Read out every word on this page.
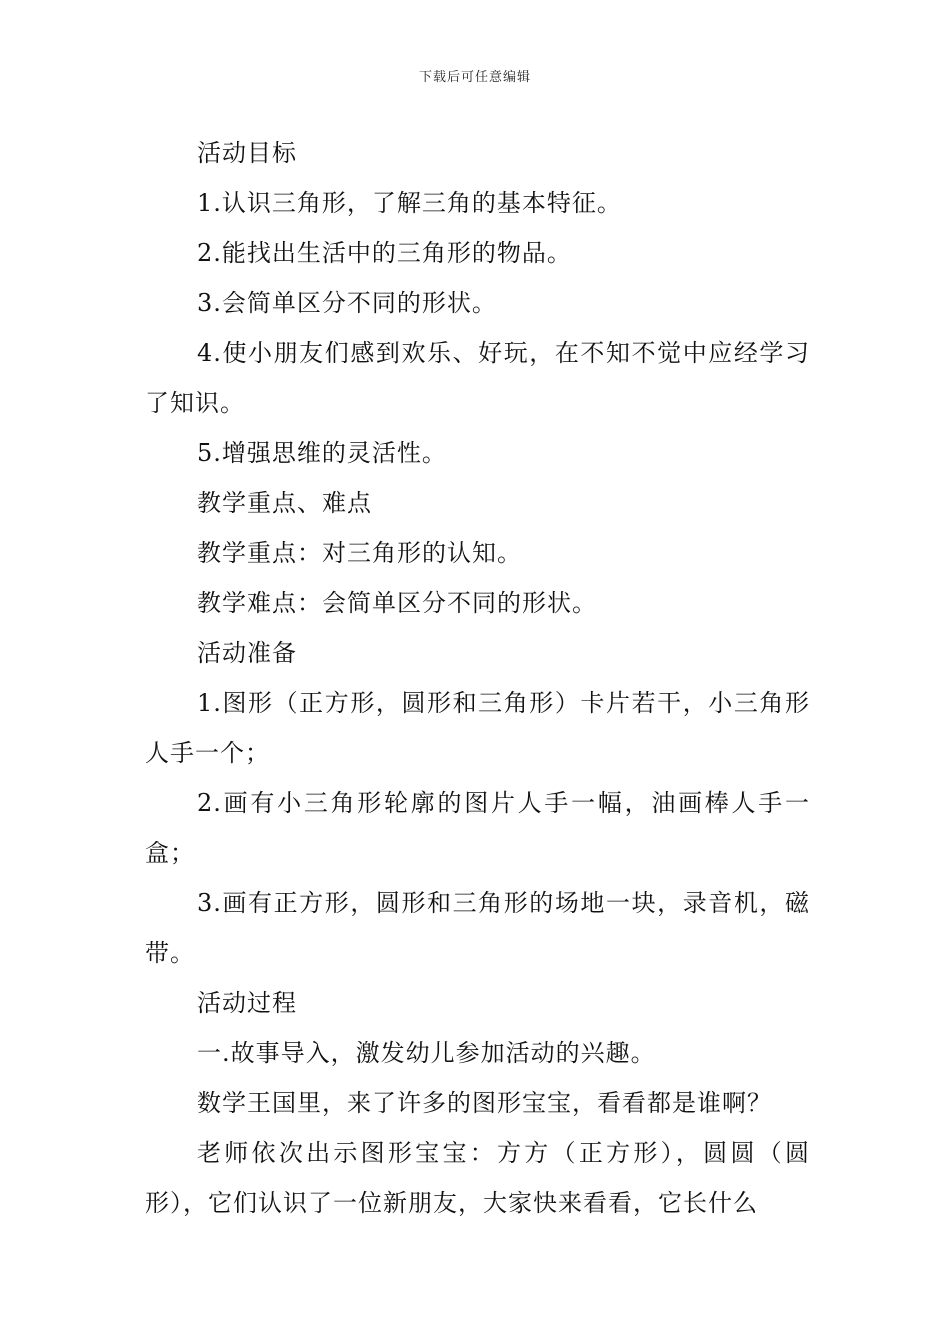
下载后可任意编辑

活动目标

1.认识三角形，了解三角的基本特征。

2.能找出生活中的三角形的物品。

3.会简单区分不同的形状。

4.使小朋友们感到欢乐、好玩，在不知不觉中应经学习了知识。

5.增强思维的灵活性。

教学重点、难点

教学重点：对三角形的认知。

教学难点：会简单区分不同的形状。

活动准备

1.图形（正方形，圆形和三角形）卡片若干，小三角形人手一个；

2.画有小三角形轮廓的图片人手一幅，油画棒人手一盒；

3.画有正方形，圆形和三角形的场地一块，录音机，磁带。

活动过程

一.故事导入，激发幼儿参加活动的兴趣。

数学王国里，来了许多的图形宝宝，看看都是谁啊？

老师依次出示图形宝宝：方方（正方形），圆圆（圆形），它们认识了一位新朋友，大家快来看看，它长什么
